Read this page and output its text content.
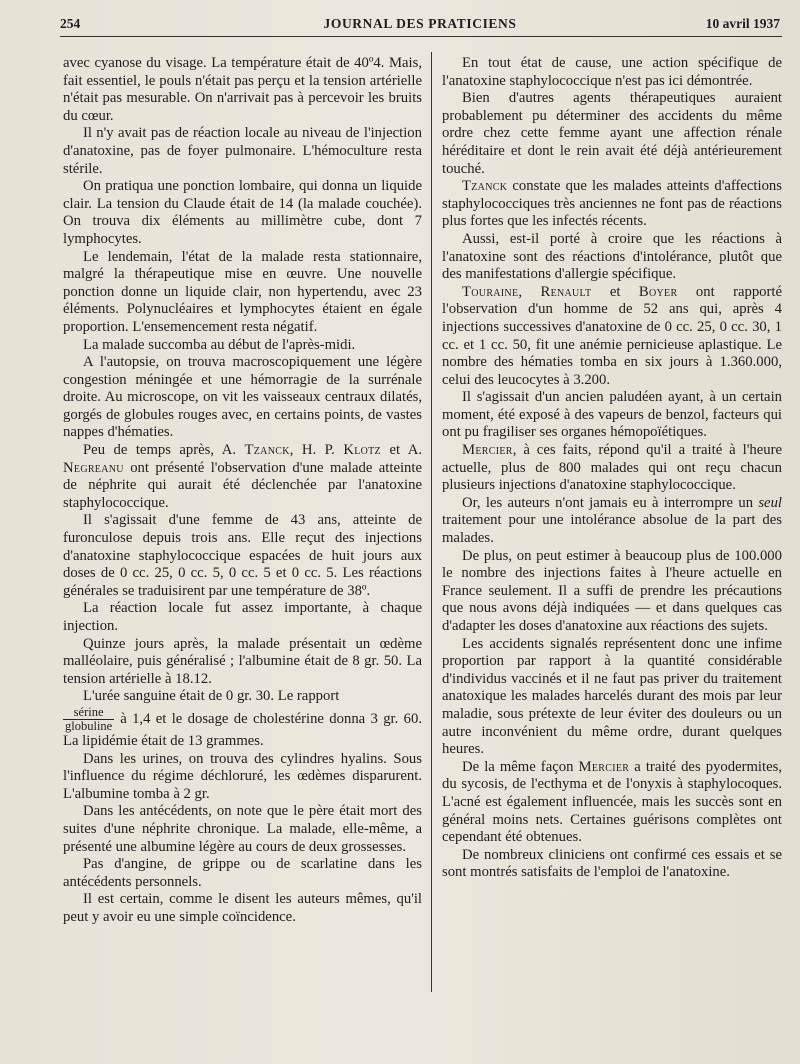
254	JOURNAL DES PRATICIENS	10 avril 1937

avec cyanose du visage. La température était de 40º4. Mais, fait essentiel, le pouls n'était pas perçu et la tension artérielle n'était pas mesurable. On n'arrivait pas à percevoir les bruits du cœur.

Il n'y avait pas de réaction locale au niveau de l'injection d'anatoxine, pas de foyer pulmonaire. L'hémoculture resta stérile.

On pratiqua une ponction lombaire, qui donna un liquide clair. La tension du Claude était de 14 (la malade couchée). On trouva dix éléments au millimètre cube, dont 7 lymphocytes.

Le lendemain, l'état de la malade resta stationnaire, malgré la thérapeutique mise en œuvre. Une nouvelle ponction donne un liquide clair, non hypertendu, avec 23 éléments. Polynucléaires et lymphocytes étaient en égale proportion. L'ensemencement resta négatif.

La malade succomba au début de l'après-midi.

A l'autopsie, on trouva macroscopiquement une légère congestion méningée et une hémorragie de la surrénale droite. Au microscope, on vit les vaisseaux centraux dilatés, gorgés de globules rouges avec, en certains points, de vastes nappes d'hématies.

Peu de temps après, A. Tzanck, H. P. Klotz et A. Negreanu ont présenté l'observation d'une malade atteinte de néphrite qui aurait été déclenchée par l'anatoxine staphylococcique.

Il s'agissait d'une femme de 43 ans, atteinte de furonculose depuis trois ans. Elle reçut des injections d'anatoxine staphylococcique espacées de huit jours aux doses de 0 cc. 25, 0 cc. 5, 0 cc. 5 et 0 cc. 5. Les réactions générales se traduisirent par une température de 38º.

La réaction locale fut assez importante, à chaque injection.

Quinze jours après, la malade présentait un œdème malléolaire, puis généralisé ; l'albumine était de 8 gr. 50. La tension artérielle à 18.12.

L'urée sanguine était de 0 gr. 30. Le rapport

$\frac{\text{sérine}}{\text{globuline}}$ à 1,4 et le dosage de cholestérine donna 3 gr. 60. La lipidémie était de 13 grammes.

Dans les urines, on trouva des cylindres hyalins. Sous l'influence du régime déchloruré, les œdèmes disparurent. L'albumine tomba à 2 gr.

Dans les antécédents, on note que le père était mort des suites d'une néphrite chronique. La malade, elle-même, a présenté une albumine légère au cours de deux grossesses.

Pas d'angine, de grippe ou de scarlatine dans les antécédents personnels.

Il est certain, comme le disent les auteurs mêmes, qu'il peut y avoir eu une simple coïncidence.

En tout état de cause, une action spécifique de l'anatoxine staphylococcique n'est pas ici démontrée.

Bien d'autres agents thérapeutiques auraient probablement pu déterminer des accidents du même ordre chez cette femme ayant une affection rénale héréditaire et dont le rein avait été déjà antérieurement touché.

Tzanck constate que les malades atteints d'affections staphylococciques très anciennes ne font pas de réactions plus fortes que les infectés récents.

Aussi, est-il porté à croire que les réactions à l'anatoxine sont des réactions d'intolérance, plutôt que des manifestations d'allergie spécifique.

Touraine, Renault et Boyer ont rapporté l'observation d'un homme de 52 ans qui, après 4 injections successives d'anatoxine de 0 cc. 25, 0 cc. 30, 1 cc. et 1 cc. 50, fit une anémie pernicieuse aplastique. Le nombre des hématies tomba en six jours à 1.360.000, celui des leucocytes à 3.200.

Il s'agissait d'un ancien paludéen ayant, à un certain moment, été exposé à des vapeurs de benzol, facteurs qui ont pu fragiliser ses organes hémopoïétiques.

Mercier, à ces faits, répond qu'il a traité à l'heure actuelle, plus de 800 malades qui ont reçu chacun plusieurs injections d'anatoxine staphylococcique.

Or, les auteurs n'ont jamais eu à interrompre un seul traitement pour une intolérance absolue de la part des malades.

De plus, on peut estimer à beaucoup plus de 100.000 le nombre des injections faites à l'heure actuelle en France seulement. Il a suffi de prendre les précautions que nous avons déjà indiquées — et dans quelques cas d'adapter les doses d'anatoxine aux réactions des sujets.

Les accidents signalés représentent donc une infime proportion par rapport à la quantité considérable d'individus vaccinés et il ne faut pas priver du traitement anatoxique les malades harcelés durant des mois par leur maladie, sous prétexte de leur éviter des douleurs ou un autre inconvénient du même ordre, durant quelques heures.

De la même façon Mercier a traité des pyodermites, du sycosis, de l'ecthyma et de l'onyxis à staphylocoques. L'acné est également influencée, mais les succès sont en général moins nets. Certaines guérisons complètes ont cependant été obtenues.

De nombreux cliniciens ont confirmé ces essais et se sont montrés satisfaits de l'emploi de l'anatoxine.
